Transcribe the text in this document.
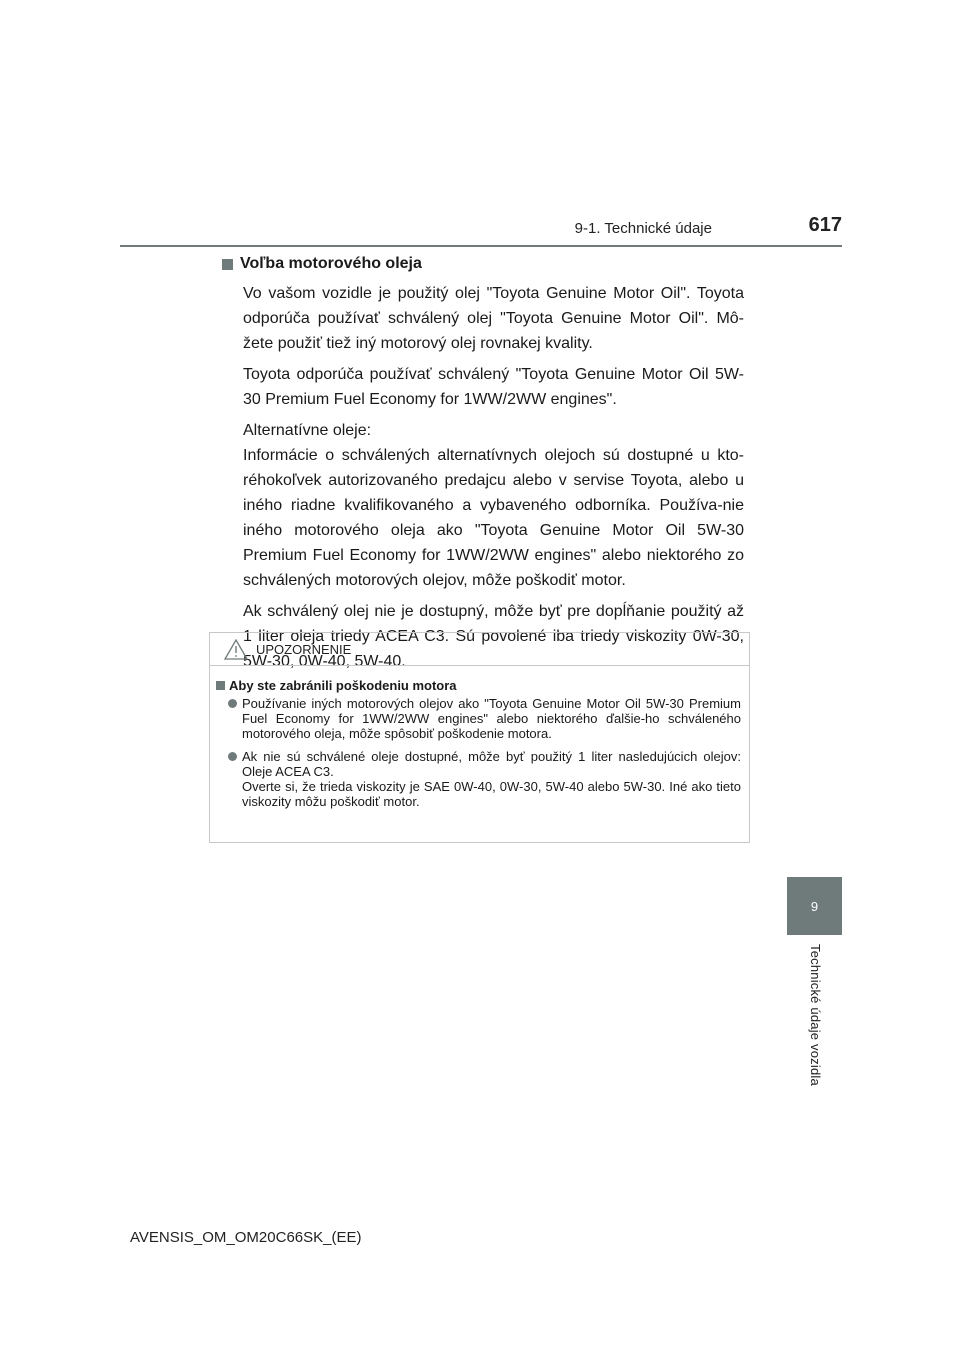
9-1. Technické údaje	617
9
Technické údaje vozidla
Voľba motorového oleja

Vo vašom vozidle je použitý olej "Toyota Genuine Motor Oil". Toyota odporúča používať schválený olej "Toyota Genuine Motor Oil". Mô-žete použiť tiež iný motorový olej rovnakej kvality.

Toyota odporúča používať schválený "Toyota Genuine Motor Oil 5W-30 Premium Fuel Economy for 1WW/2WW engines".

Alternatívne oleje:
Informácie o schválených alternatívnych olejoch sú dostupné u kto-réhokoľvek autorizovaného predajcu alebo v servise Toyota, alebo u iného riadne kvalifikovaného a vybaveného odborníka. Používa-nie iného motorového oleja ako "Toyota Genuine Motor Oil 5W-30 Premium Fuel Economy for 1WW/2WW engines" alebo niektorého zo schválených motorových olejov, môže poškodiť motor.

Ak schválený olej nie je dostupný, môže byť pre dopĺňanie použitý až 1 liter oleja triedy ACEA C3. Sú povolené iba triedy viskozity 0W-30, 5W-30, 0W-40, 5W-40.

UPOZORNENIE
Aby ste zabránili poškodeniu motora
Používanie iných motorových olejov ako "Toyota Genuine Motor Oil 5W-30 Premium Fuel Economy for 1WW/2WW engines" alebo niektorého ďalšie-ho schváleného motorového oleja, môže spôsobiť poškodenie motora.
Ak nie sú schválené oleje dostupné, môže byť použitý 1 liter nasledujúcich olejov: Oleje ACEA C3.
Overte si, že trieda viskozity je SAE 0W-40, 0W-30, 5W-40 alebo 5W-30. Iné ako tieto viskozity môžu poškodiť motor.
AVENSIS_OM_OM20C66SK_(EE)
